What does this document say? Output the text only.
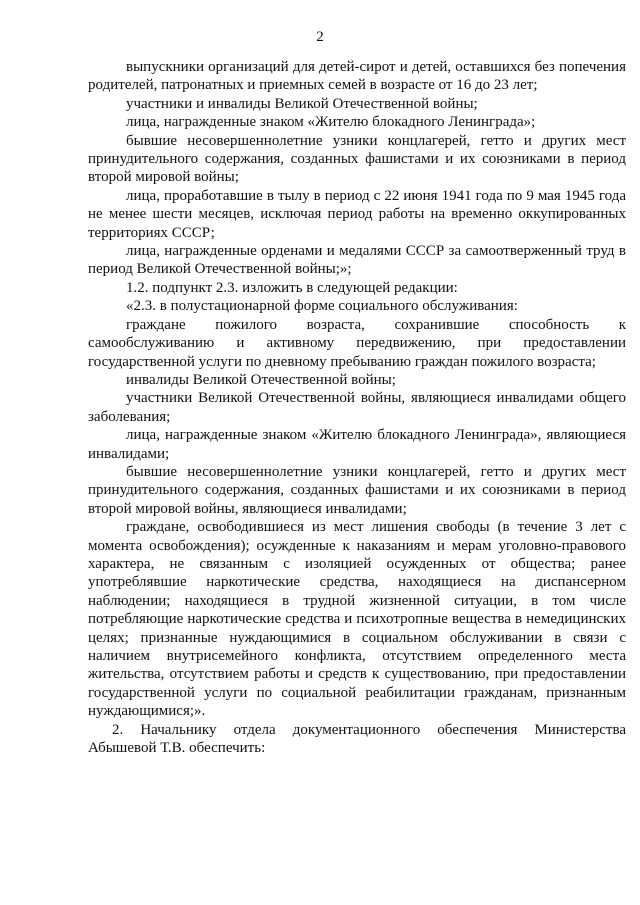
2

выпускники организаций для детей-сирот и детей, оставшихся без попечения родителей, патронатных и приемных семей в возрасте от 16 до 23 лет;

участники и инвалиды Великой Отечественной войны;

лица, награжденные знаком «Жителю блокадного Ленинграда»;

бывшие несовершеннолетние узники концлагерей, гетто и других мест принудительного содержания, созданных фашистами и их союзниками в период второй мировой войны;

лица, проработавшие в тылу в период с 22 июня 1941 года по 9 мая 1945 года не менее шести месяцев, исключая период работы на временно оккупированных территориях СССР;

лица, награжденные орденами и медалями СССР за самоотверженный труд в период Великой Отечественной войны;»;

1.2. подпункт 2.3. изложить в следующей редакции:

«2.3. в полустационарной форме социального обслуживания:

граждане пожилого возраста, сохранившие способность к самообслуживанию и активному передвижению, при предоставлении государственной услуги по дневному пребыванию граждан пожилого возраста;

инвалиды Великой Отечественной войны;

участники Великой Отечественной войны, являющиеся инвалидами общего заболевания;

лица, награжденные знаком «Жителю блокадного Ленинграда», являющиеся инвалидами;

бывшие несовершеннолетние узники концлагерей, гетто и других мест принудительного содержания, созданных фашистами и их союзниками в период второй мировой войны, являющиеся инвалидами;

граждане, освободившиеся из мест лишения свободы (в течение 3 лет с момента освобождения); осужденные к наказаниям и мерам уголовно-правового характера, не связанным с изоляцией осужденных от общества; ранее употреблявшие наркотические средства, находящиеся на диспансерном наблюдении; находящиеся в трудной жизненной ситуации, в том числе потребляющие наркотические средства и психотропные вещества в немедицинских целях; признанные нуждающимися в социальном обслуживании в связи с наличием внутрисемейного конфликта, отсутствием определенного места жительства, отсутствием работы и средств к существованию, при предоставлении государственной услуги по социальной реабилитации гражданам, признанным нуждающимися;».

2. Начальнику отдела документационного обеспечения Министерства Абышевой Т.В. обеспечить:
